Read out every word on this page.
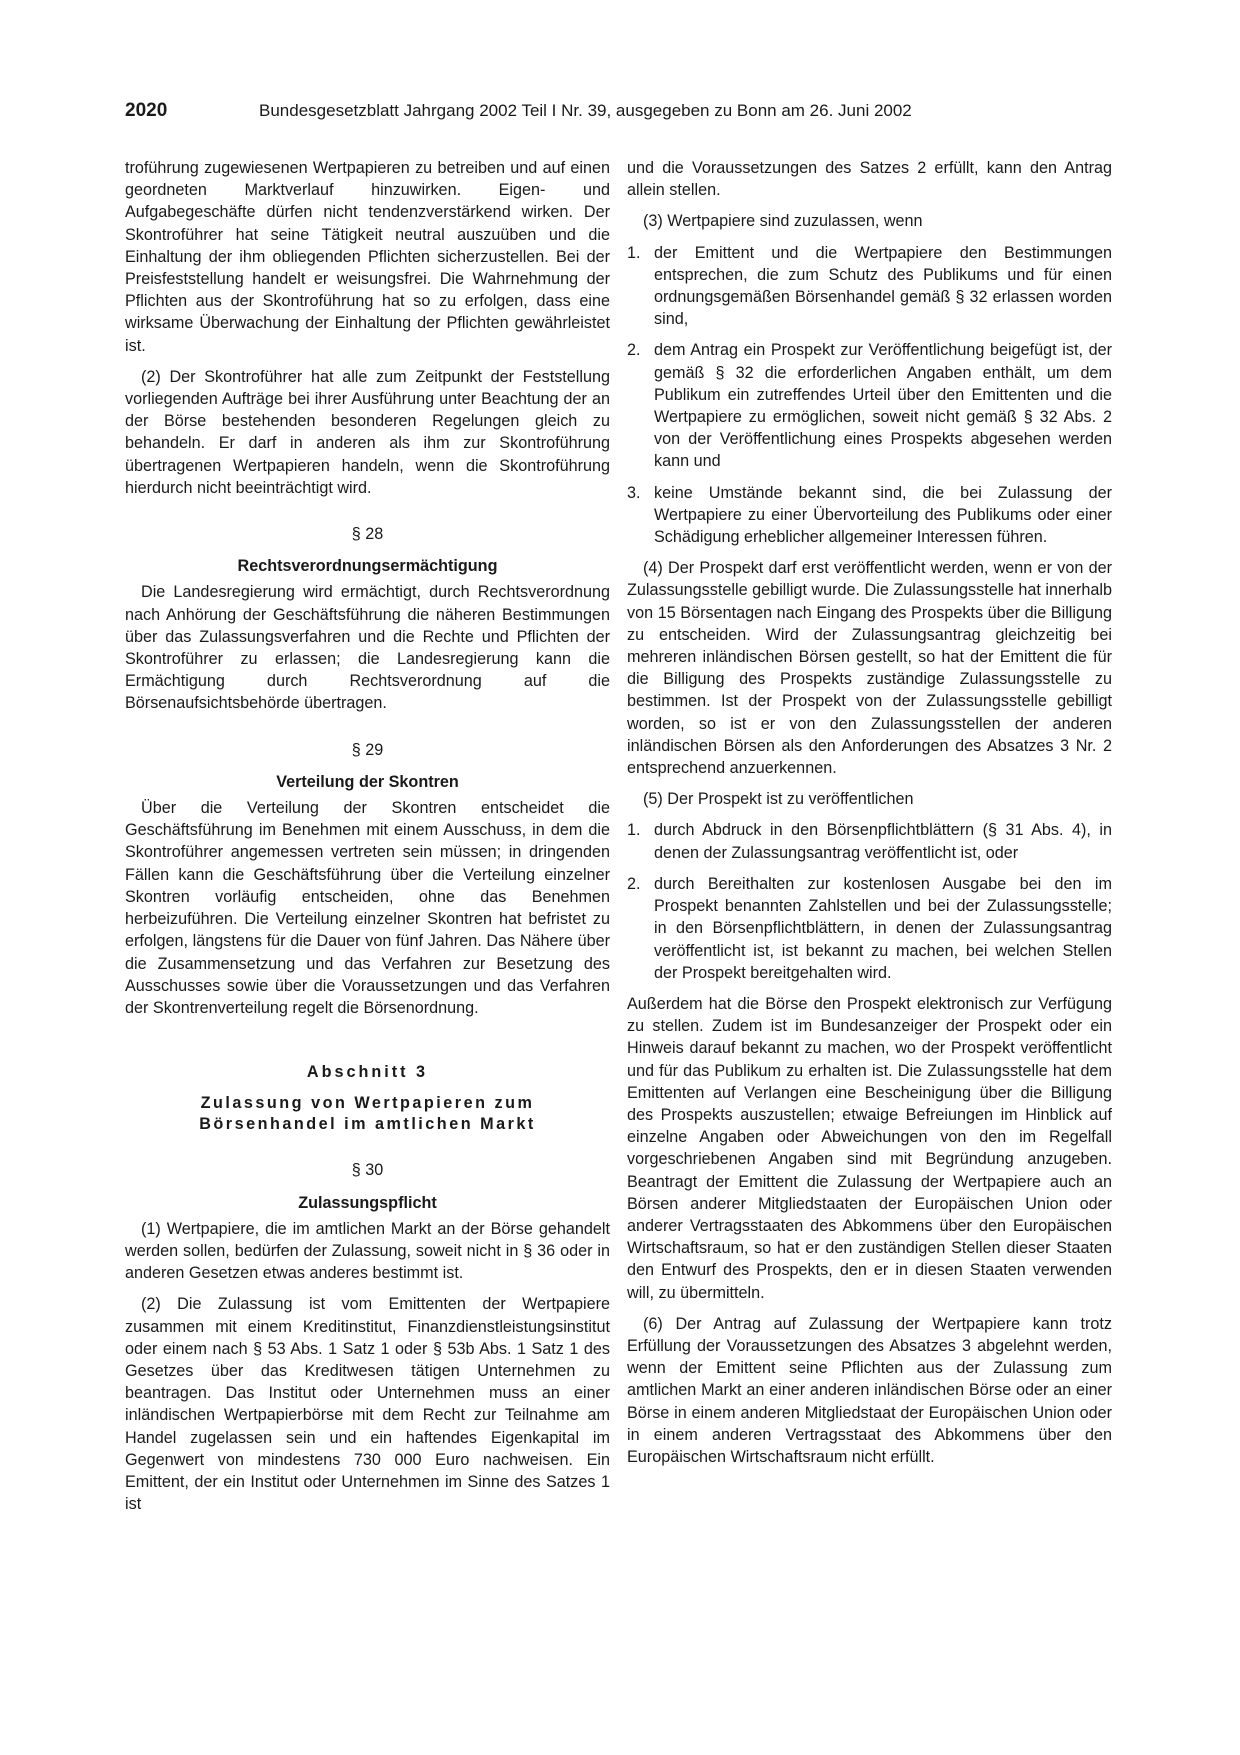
2020	Bundesgesetzblatt Jahrgang 2002 Teil I Nr. 39, ausgegeben zu Bonn am 26. Juni 2002

troführung zugewiesenen Wertpapieren zu betreiben und auf einen geordneten Marktverlauf hinzuwirken. Eigen- und Aufgabegeschäfte dürfen nicht tendenzverstärkend wirken. Der Skontroführer hat seine Tätigkeit neutral auszuüben und die Einhaltung der ihm obliegenden Pflichten sicherzustellen. Bei der Preisfeststellung handelt er weisungsfrei. Die Wahrnehmung der Pflichten aus der Skontroführung hat so zu erfolgen, dass eine wirksame Überwachung der Einhaltung der Pflichten gewährleistet ist.

(2) Der Skontroführer hat alle zum Zeitpunkt der Feststellung vorliegenden Aufträge bei ihrer Ausführung unter Beachtung der an der Börse bestehenden besonderen Regelungen gleich zu behandeln. Er darf in anderen als ihm zur Skontroführung übertragenen Wertpapieren handeln, wenn die Skontroführung hierdurch nicht beeinträchtigt wird.

§ 28
Rechtsverordnungsermächtigung

Die Landesregierung wird ermächtigt, durch Rechtsverordnung nach Anhörung der Geschäftsführung die näheren Bestimmungen über das Zulassungsverfahren und die Rechte und Pflichten der Skontroführer zu erlassen; die Landesregierung kann die Ermächtigung durch Rechtsverordnung auf die Börsenaufsichtsbehörde übertragen.

§ 29
Verteilung der Skontren

Über die Verteilung der Skontren entscheidet die Geschäftsführung im Benehmen mit einem Ausschuss, in dem die Skontroführer angemessen vertreten sein müssen; in dringenden Fällen kann die Geschäftsführung über die Verteilung einzelner Skontren vorläufig entscheiden, ohne das Benehmen herbeizuführen. Die Verteilung einzelner Skontren hat befristet zu erfolgen, längstens für die Dauer von fünf Jahren. Das Nähere über die Zusammensetzung und das Verfahren zur Besetzung des Ausschusses sowie über die Voraussetzungen und das Verfahren der Skontrenverteilung regelt die Börsenordnung.

Abschnitt 3
Zulassung von Wertpapieren zum
Börsenhandel im amtlichen Markt
§ 30
Zulassungspflicht

(1) Wertpapiere, die im amtlichen Markt an der Börse gehandelt werden sollen, bedürfen der Zulassung, soweit nicht in § 36 oder in anderen Gesetzen etwas anderes bestimmt ist.

(2) Die Zulassung ist vom Emittenten der Wertpapiere zusammen mit einem Kreditinstitut, Finanzdienstleistungsinstitut oder einem nach § 53 Abs. 1 Satz 1 oder § 53b Abs. 1 Satz 1 des Gesetzes über das Kreditwesen tätigen Unternehmen zu beantragen. Das Institut oder Unternehmen muss an einer inländischen Wertpapierbörse mit dem Recht zur Teilnahme am Handel zugelassen sein und ein haftendes Eigenkapital im Gegenwert von mindestens 730 000 Euro nachweisen. Ein Emittent, der ein Institut oder Unternehmen im Sinne des Satzes 1 ist

und die Voraussetzungen des Satzes 2 erfüllt, kann den Antrag allein stellen.

(3) Wertpapiere sind zuzulassen, wenn

1. der Emittent und die Wertpapiere den Bestimmungen entsprechen, die zum Schutz des Publikums und für einen ordnungsgemäßen Börsenhandel gemäß § 32 erlassen worden sind,
2. dem Antrag ein Prospekt zur Veröffentlichung beigefügt ist, der gemäß § 32 die erforderlichen Angaben enthält, um dem Publikum ein zutreffendes Urteil über den Emittenten und die Wertpapiere zu ermöglichen, soweit nicht gemäß § 32 Abs. 2 von der Veröffentlichung eines Prospekts abgesehen werden kann und
3. keine Umstände bekannt sind, die bei Zulassung der Wertpapiere zu einer Übervorteilung des Publikums oder einer Schädigung erheblicher allgemeiner Interessen führen.

(4) Der Prospekt darf erst veröffentlicht werden, wenn er von der Zulassungsstelle gebilligt wurde. Die Zulassungsstelle hat innerhalb von 15 Börsentagen nach Eingang des Prospekts über die Billigung zu entscheiden. Wird der Zulassungsantrag gleichzeitig bei mehreren inländischen Börsen gestellt, so hat der Emittent die für die Billigung des Prospekts zuständige Zulassungsstelle zu bestimmen. Ist der Prospekt von der Zulassungsstelle gebilligt worden, so ist er von den Zulassungsstellen der anderen inländischen Börsen als den Anforderungen des Absatzes 3 Nr. 2 entsprechend anzuerkennen.

(5) Der Prospekt ist zu veröffentlichen

1. durch Abdruck in den Börsenpflichtblättern (§ 31 Abs. 4), in denen der Zulassungsantrag veröffentlicht ist, oder
2. durch Bereithalten zur kostenlosen Ausgabe bei den im Prospekt benannten Zahlstellen und bei der Zulassungsstelle; in den Börsenpflichtblättern, in denen der Zulassungsantrag veröffentlicht ist, ist bekannt zu machen, bei welchen Stellen der Prospekt bereitgehalten wird.

Außerdem hat die Börse den Prospekt elektronisch zur Verfügung zu stellen. Zudem ist im Bundesanzeiger der Prospekt oder ein Hinweis darauf bekannt zu machen, wo der Prospekt veröffentlicht und für das Publikum zu erhalten ist. Die Zulassungsstelle hat dem Emittenten auf Verlangen eine Bescheinigung über die Billigung des Prospekts auszustellen; etwaige Befreiungen im Hinblick auf einzelne Angaben oder Abweichungen von den im Regelfall vorgeschriebenen Angaben sind mit Begründung anzugeben. Beantragt der Emittent die Zulassung der Wertpapiere auch an Börsen anderer Mitgliedstaaten der Europäischen Union oder anderer Vertragsstaaten des Abkommens über den Europäischen Wirtschaftsraum, so hat er den zuständigen Stellen dieser Staaten den Entwurf des Prospekts, den er in diesen Staaten verwenden will, zu übermitteln.

(6) Der Antrag auf Zulassung der Wertpapiere kann trotz Erfüllung der Voraussetzungen des Absatzes 3 abgelehnt werden, wenn der Emittent seine Pflichten aus der Zulassung zum amtlichen Markt an einer anderen inländischen Börse oder an einer Börse in einem anderen Mitgliedstaat der Europäischen Union oder in einem anderen Vertragsstaat des Abkommens über den Europäischen Wirtschaftsraum nicht erfüllt.
